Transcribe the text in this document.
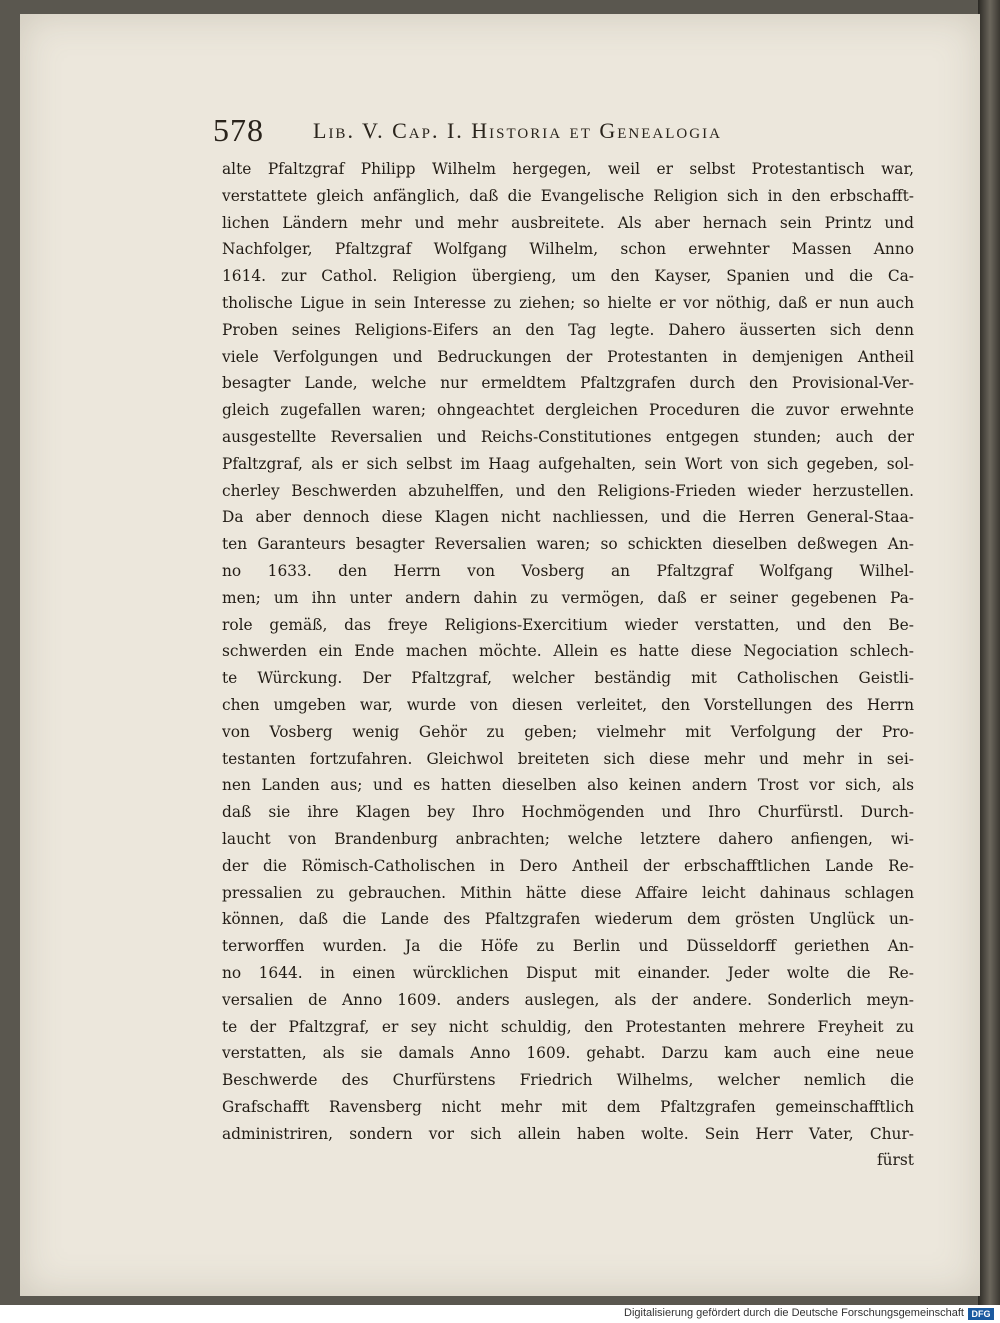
578 Lib. V. Cap. I. Historia et Genealogia
alte Pfaltzgraf Philipp Wilhelm hergegen, weil er selbst Protestantisch war,
verstattete gleich anfänglich, daß die Evangelische Religion sich in den erbschafft-
lichen Ländern mehr und mehr ausbreitete. Als aber hernach sein Printz und
Nachfolger, Pfaltzgraf Wolfgang Wilhelm, schon erwehnter Massen Anno
1614. zur Cathol. Religion übergieng, um den Kayser, Spanien und die Ca-
tholische Ligue in sein Interesse zu ziehen; so hielte er vor nöthig, daß er nun auch
Proben seines Religions-Eifers an den Tag legte. Dahero äusserten sich denn
viele Verfolgungen und Bedruckungen der Protestanten in demjenigen Antheil
besagter Lande, welche nur ermeldtem Pfaltzgrafen durch den Provisional-Ver-
gleich zugefallen waren; ohngeachtet dergleichen Proceduren die zuvor erwehnte
ausgestellte Reversalien und Reichs-Constitutiones entgegen stunden; auch der
Pfaltzgraf, als er sich selbst im Haag aufgehalten, sein Wort von sich gegeben, sol-
cherley Beschwerden abzuhelffen, und den Religions-Frieden wieder herzustellen.
Da aber dennoch diese Klagen nicht nachliessen, und die Herren General-Staa-
ten Garanteurs besagter Reversalien waren; so schickten dieselben deßwegen An-
no 1633. den Herrn von Vosberg an Pfaltzgraf Wolfgang Wilhel-
men; um ihn unter andern dahin zu vermögen, daß er seiner gegebenen Pa-
role gemäß, das freye Religions-Exercitium wieder verstatten, und den Be-
schwerden ein Ende machen möchte. Allein es hatte diese Negociation schlech-
te Würckung. Der Pfaltzgraf, welcher beständig mit Catholischen Geistli-
chen umgeben war, wurde von diesen verleitet, den Vorstellungen des Herrn
von Vosberg wenig Gehör zu geben; vielmehr mit Verfolgung der Pro-
testanten fortzufahren. Gleichwol breiteten sich diese mehr und mehr in sei-
nen Landen aus; und es hatten dieselben also keinen andern Trost vor sich, als
daß sie ihre Klagen bey Ihro Hochmögenden und Ihro Churfürstl. Durch-
laucht von Brandenburg anbrachten; welche letztere dahero anfiengen, wi-
der die Römisch-Catholischen in Dero Antheil der erbschafftlichen Lande Re-
pressalien zu gebrauchen. Mithin hätte diese Affaire leicht dahinaus schlagen
können, daß die Lande des Pfaltzgrafen wiederum dem grösten Unglück un-
terworffen wurden. Ja die Höfe zu Berlin und Düsseldorff geriethen An-
no 1644. in einen würcklichen Disput mit einander. Jeder wolte die Re-
versalien de Anno 1609. anders auslegen, als der andere. Sonderlich meyn-
te der Pfaltzgraf, er sey nicht schuldig, den Protestanten mehrere Freyheit zu
verstatten, als sie damals Anno 1609. gehabt. Darzu kam auch eine neue
Beschwerde des Churfürstens Friedrich Wilhelms, welcher nemlich die
Grafschafft Ravensberg nicht mehr mit dem Pfaltzgrafen gemeinschafftlich
administriren, sondern vor sich allein haben wolte. Sein Herr Vater, Chur-
fürst
Digitalisierung gefördert durch die Deutsche Forschungsgemeinschaft DFG
